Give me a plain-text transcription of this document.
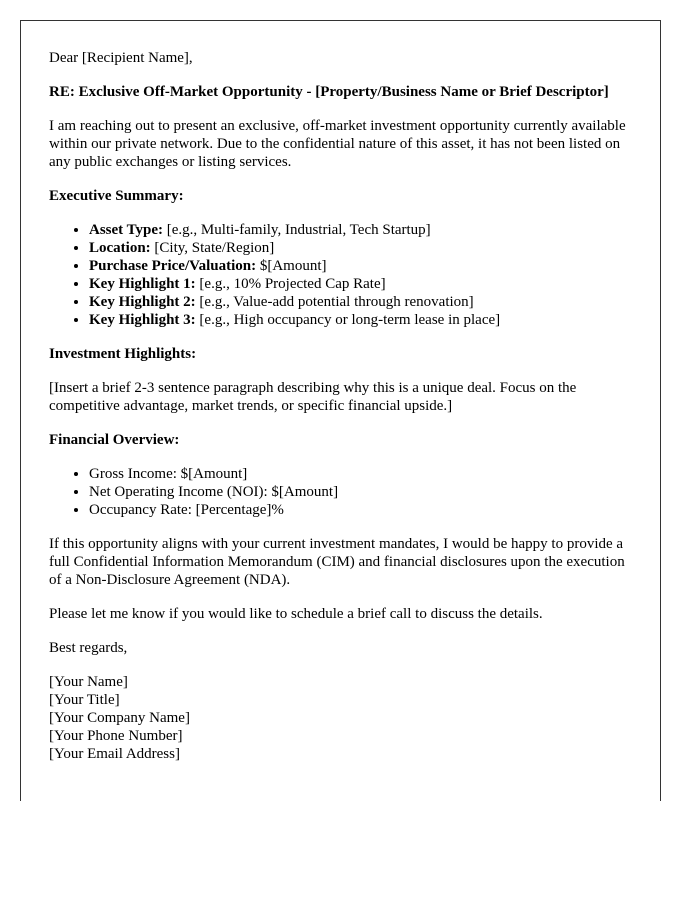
Dear [Recipient Name],

RE: Exclusive Off-Market Opportunity - [Property/Business Name or Brief Descriptor]

I am reaching out to present an exclusive, off-market investment opportunity currently available within our private network. Due to the confidential nature of this asset, it has not been listed on any public exchanges or listing services.

Executive Summary:

• Asset Type: [e.g., Multi-family, Industrial, Tech Startup]
• Location: [City, State/Region]
• Purchase Price/Valuation: $[Amount]
• Key Highlight 1: [e.g., 10% Projected Cap Rate]
• Key Highlight 2: [e.g., Value-add potential through renovation]
• Key Highlight 3: [e.g., High occupancy or long-term lease in place]

Investment Highlights:

[Insert a brief 2-3 sentence paragraph describing why this is a unique deal. Focus on the competitive advantage, market trends, or specific financial upside.]

Financial Overview:

• Gross Income: $[Amount]
• Net Operating Income (NOI): $[Amount]
• Occupancy Rate: [Percentage]%

If this opportunity aligns with your current investment mandates, I would be happy to provide a full Confidential Information Memorandum (CIM) and financial disclosures upon the execution of a Non-Disclosure Agreement (NDA).

Please let me know if you would like to schedule a brief call to discuss the details.

Best regards,

[Your Name]
[Your Title]
[Your Company Name]
[Your Phone Number]
[Your Email Address]
